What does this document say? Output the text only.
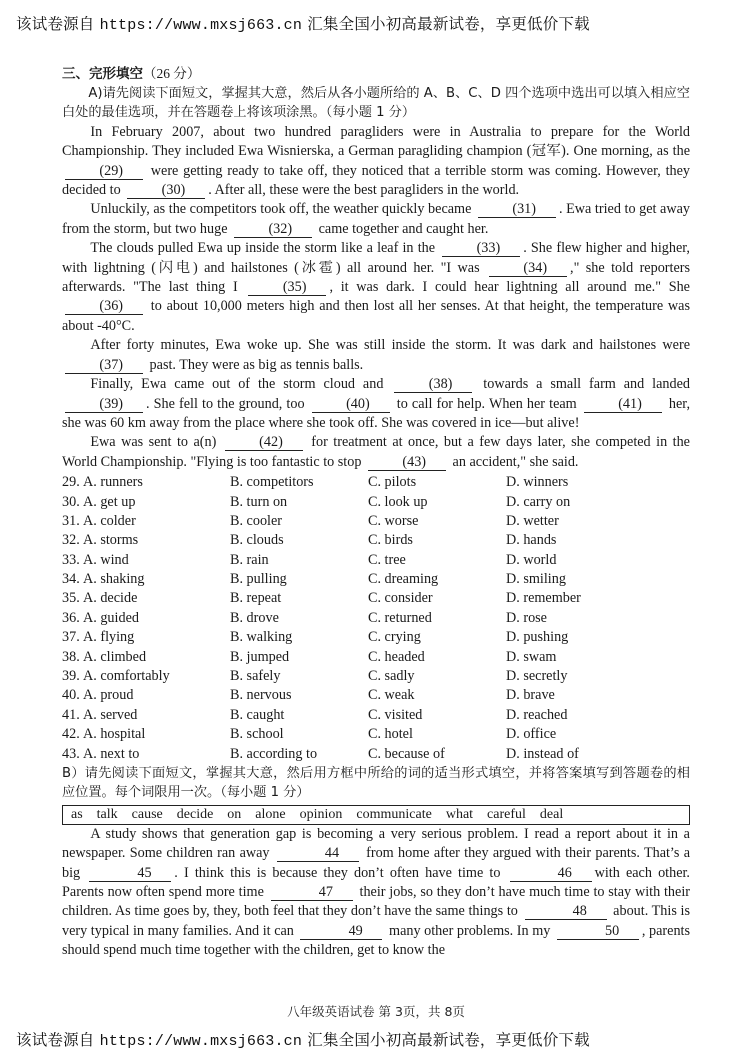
该试卷源自 https://www.mxsj663.cn 汇集全国小初高最新试卷，享更低价下载
三、完形填空（26 分）

A)请先阅读下面短文，掌握其大意，然后从各小题所给的 A、B、C、D 四个选项中选出可以填入相应空白处的最佳选项，并在答题卷上将该项涂黑。（每小题 1 分）

In February 2007, about two hundred paragliders were in Australia to prepare for the World Championship. They included Ewa Wisnierska, a German paragliding champion (冠军). One morning, as the (29) were getting ready to take off, they noticed that a terrible storm was coming. However, they decided to	(30) . After all, these were the best paragliders in the world.

Unluckily, as the competitors took off, the weather quickly became	(31) . Ewa tried to get away from the storm, but two huge	(32) came together and caught her.

The clouds pulled Ewa up inside the storm like a leaf in the	(33) . She flew higher and higher, with lightning (闪电) and hailstones (冰雹) all around her. "I was	(34) ," she told reporters afterwards. "The last thing I	(35) , it was dark. I could hear lightning all around me." She (36) to about 10,000 meters high and then lost all her senses. At that height, the temperature was about -40°C.

After forty minutes, Ewa woke up. She was still inside the storm. It was dark and hailstones were (37) past. They were as big as tennis balls.

Finally, Ewa came out of the storm cloud and	(38) towards a small farm and landed (39) . She fell to the ground, too	(40) to call for help. When her team	(41) her, she was 60 km away from the place where she took off. She was covered in ice—but alive!

Ewa was sent to a(n)	(42) for treatment at once, but a few days later, she competed in the World Championship. "Flying is too fantastic to stop	(43) an accident," she said.

29. A. runners	B. competitors	C. pilots	D. winners
30. A. get up	B. turn on	C. look up	D. carry on
31. A. colder	B. cooler	C. worse	D. wetter
32. A. storms	B. clouds	C. birds	D. hands
33. A. wind	B. rain	C. tree	D. world
34. A. shaking	B. pulling	C. dreaming	D. smiling
35. A. decide	B. repeat	C. consider	D. remember
36. A. guided	B. drove	C. returned	D. rose
37. A. flying	B. walking	C. crying	D. pushing
38. A. climbed	B. jumped	C. headed	D. swam
39. A. comfortably	B. safely	C. sadly	D. secretly
40. A. proud	B. nervous	C. weak	D. brave
41. A. served	B. caught	C. visited	D. reached
42. A. hospital	B. school	C. hotel	D. office
43. A. next to	B. according to	C. because of	D. instead of

B）请先阅读下面短文，掌握其大意，然后用方框中所给的词的适当形式填空，并将答案填写到答题卷的相应位置。每个词限用一次。（每小题 1 分）

as talk cause decide on alone opinion communicate what careful deal

A study shows that generation gap is becoming a very serious problem. I read a report about it in a newspaper. Some children ran away	44 from home after they argued with their parents. That’s a big	45 . I think this is because they don’t often have time to	46 with each other. Parents now often spend more time	47 their jobs, so they don’t have much time to stay with their children. As time goes by, they, both feel that they don’t have the same things to	48 about. This is very typical in many families. And it can	49 many other problems. In my	50 , parents should spend much time together with the children, get to know the

八年级英语试卷 第 3页，共 8页
该试卷源自 https://www.mxsj663.cn 汇集全国小初高最新试卷，享更低价下载
